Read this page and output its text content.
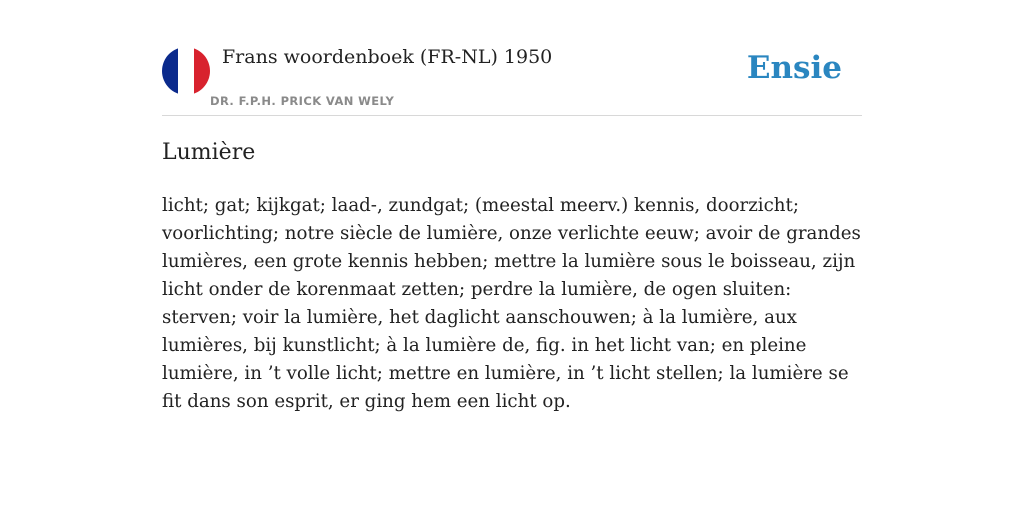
Frans woordenboek (FR-NL) 1950
DR. F.P.H. PRICK VAN WELY
Ensie
Lumière
licht; gat; kijkgat; laad-, zundgat; (meestal meerv.) kennis, doorzicht; voorlichting; notre siècle de lumière, onze verlichte eeuw; avoir de grandes lumières, een grote kennis hebben; mettre la lumière sous le boisseau, zijn licht onder de korenmaat zetten; perdre la lumière, de ogen sluiten: sterven; voir la lumière, het daglicht aanschouwen; à la lumière, aux lumières, bij kunstlicht; à la lumière de, fig. in het licht van; en pleine lumière, in ’t volle licht; mettre en lumière, in ’t licht stellen; la lumière se fit dans son esprit, er ging hem een licht op.
